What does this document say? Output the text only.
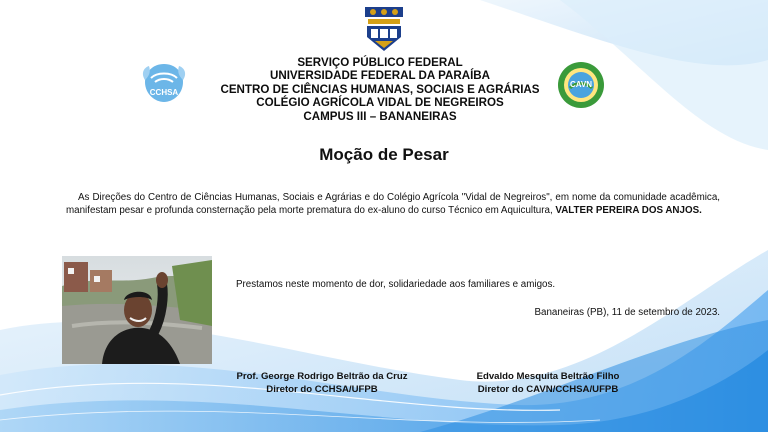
CCHSA
CAVN
SERVIÇO PÚBLICO FEDERAL
UNIVERSIDADE FEDERAL DA PARAÍBA
CENTRO DE CIÊNCIAS HUMANAS, SOCIAIS E AGRÁRIAS
COLÉGIO AGRÍCOLA VIDAL DE NEGREIROS
CAMPUS III – BANANEIRAS
Moção de Pesar
As Direções do Centro de Ciências Humanas, Sociais e Agrárias e do Colégio Agrícola "Vidal de Negreiros", em nome da comunidade acadêmica, manifestam pesar e profunda consternação pela morte prematura do ex-aluno do curso Técnico em Aquicultura, VALTER PEREIRA DOS ANJOS.
Prestamos neste momento de dor, solidariedade aos familiares e amigos.
Bananeiras (PB), 11 de setembro de 2023.
Prof. George Rodrigo Beltrão da Cruz
Diretor do CCHSA/UFPB
Edvaldo Mesquita Beltrão Filho
Diretor do CAVN/CCHSA/UFPB
